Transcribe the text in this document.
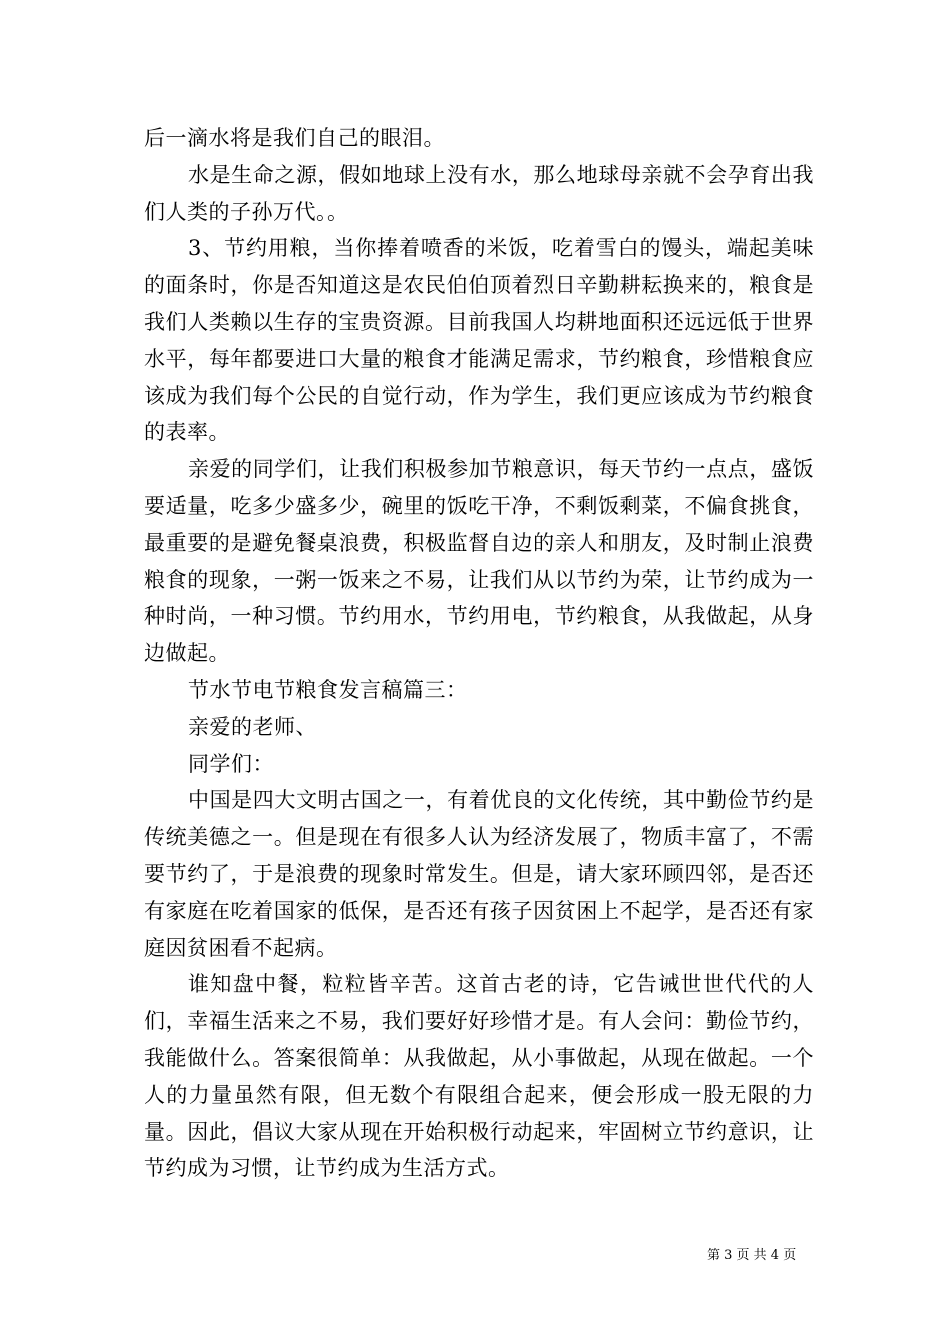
后一滴水将是我们自己的眼泪。

水是生命之源，假如地球上没有水，那么地球母亲就不会孕育出我们人类的子孙万代。。

3、节约用粮，当你捧着喷香的米饭，吃着雪白的馒头，端起美味的面条时，你是否知道这是农民伯伯顶着烈日辛勤耕耘换来的，粮食是我们人类赖以生存的宝贵资源。目前我国人均耕地面积还远远低于世界水平，每年都要进口大量的粮食才能满足需求，节约粮食，珍惜粮食应该成为我们每个公民的自觉行动，作为学生，我们更应该成为节约粮食的表率。

亲爱的同学们，让我们积极参加节粮意识，每天节约一点点，盛饭要适量，吃多少盛多少，碗里的饭吃干净，不剩饭剩菜，不偏食挑食，最重要的是避免餐桌浪费，积极监督自边的亲人和朋友，及时制止浪费粮食的现象，一粥一饭来之不易，让我们从以节约为荣，让节约成为一种时尚，一种习惯。节约用水，节约用电，节约粮食，从我做起，从身边做起。

节水节电节粮食发言稿篇三：

亲爱的老师、

同学们：

中国是四大文明古国之一，有着优良的文化传统，其中勤俭节约是传统美德之一。但是现在有很多人认为经济发展了，物质丰富了，不需要节约了，于是浪费的现象时常发生。但是，请大家环顾四邻，是否还有家庭在吃着国家的低保，是否还有孩子因贫困上不起学，是否还有家庭因贫困看不起病。

谁知盘中餐，粒粒皆辛苦。这首古老的诗，它告诫世世代代的人们，幸福生活来之不易，我们要好好珍惜才是。有人会问：勤俭节约，我能做什么。答案很简单：从我做起，从小事做起，从现在做起。一个人的力量虽然有限，但无数个有限组合起来，便会形成一股无限的力量。因此，倡议大家从现在开始积极行动起来，牢固树立节约意识，让节约成为习惯，让节约成为生活方式。

第 3 页 共 4 页
